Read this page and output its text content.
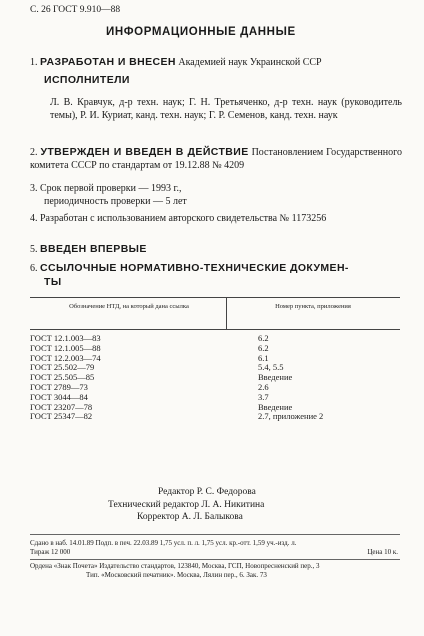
С. 26 ГОСТ 9.910—88
ИНФОРМАЦИОННЫЕ ДАННЫЕ
1. РАЗРАБОТАН И ВНЕСЕН Академией наук Украинской ССР
ИСПОЛНИТЕЛИ
Л. В. Кравчук, д-р техн. наук; Г. Н. Третьяченко, д-р техн. наук (руководитель темы), Р. И. Куриат, канд. техн. наук; Г. Р. Семенов, канд. техн. наук
2. УТВЕРЖДЕН И ВВЕДЕН В ДЕЙСТВИЕ Постановлением Государственного комитета СССР по стандартам от 19.12.88 № 4209
3. Срок первой проверки — 1993 г.,
периодичность проверки — 5 лет
4. Разработан с использованием авторского свидетельства № 1173256
5. ВВЕДЕН ВПЕРВЫЕ
6. ССЫЛОЧНЫЕ НОРМАТИВНО-ТЕХНИЧЕСКИЕ ДОКУМЕН-
ТЫ
Обозначение НТД, на который дана ссылка	Номер пункта, приложения
ГОСТ 12.1.003—83	6.2
ГОСТ 12.1.005—88	6.2
ГОСТ 12.2.003—74	6.1
ГОСТ 25.502—79	5.4, 5.5
ГОСТ 25.505—85	Введение
ГОСТ 2789—73	2.6
ГОСТ 3044—84	3.7
ГОСТ 23207—78	Введение
ГОСТ 25347—82	2.7, приложение 2
Редактор Р. С. Федорова
Технический редактор Л. А. Никитина
Корректор А. Л. Балыкова
Сдано в наб. 14.01.89 Подп. в печ. 22.03.89 1,75 усл. п. л. 1,75 усл. кр.-отт. 1,59 уч.-изд. л.
Тираж 12 000	Цена 10 к.
Ордена «Знак Почета» Издательство стандартов, 123840, Москва, ГСП, Новопресненский пер., 3
Тип. «Московский печатник». Москва, Лялин пер., 6. Зак. 73
